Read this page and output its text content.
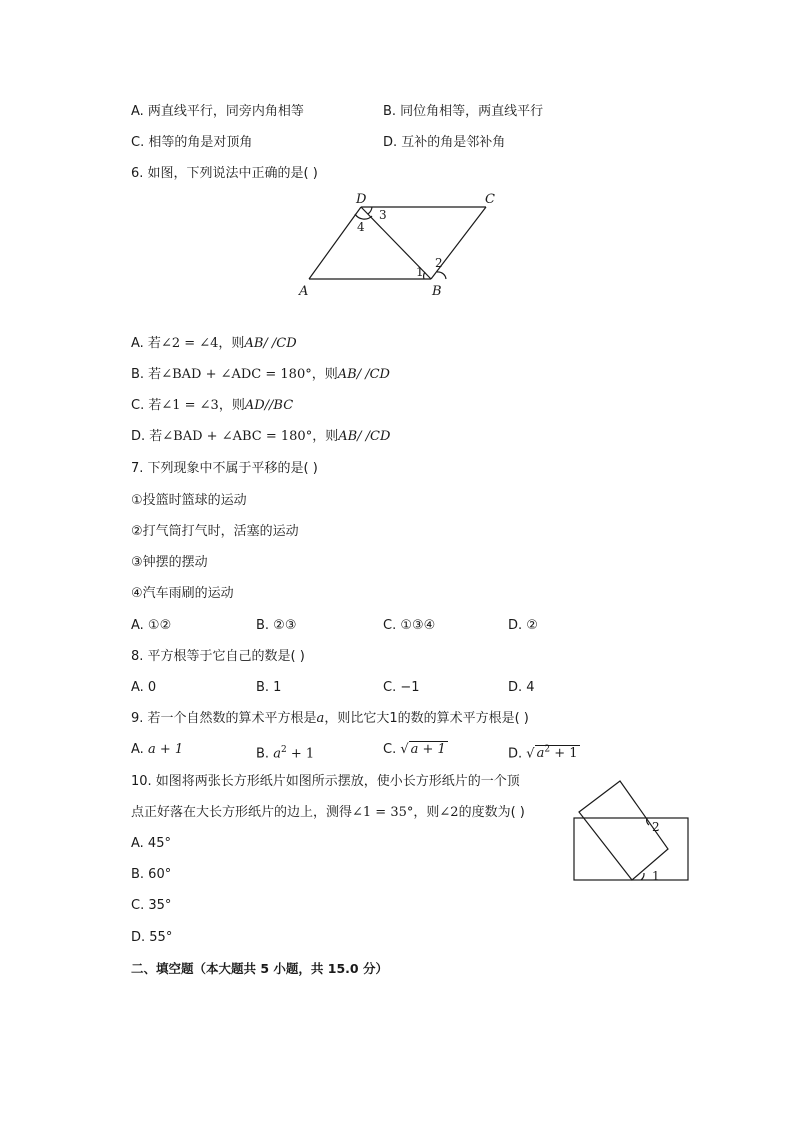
A. 两直线平行，同旁内角相等	B. 同位角相等，两直线平行
C. 相等的角是对顶角	D. 互补的角是邻补角
6. 如图，下列说法中正确的是( )
A	B
C
D
1
2
3
4
A. 若∠2 = ∠4，则AB/ /CD
B. 若∠BAD + ∠ADC = 180°，则AB/ /CD
C. 若∠1 = ∠3，则AD//BC
D. 若∠BAD + ∠ABC = 180°，则AB/ /CD
7. 下列现象中不属于平移的是( )
①投篮时篮球的运动
②打气筒打气时，活塞的运动
③钟摆的摆动
④汽车雨刷的运动
A. ①②	B. ②③	C. ①③④	D. ②
8. 平方根等于它自己的数是( )
A. 0	B. 1	C. −1	D. 4
9. 若一个自然数的算术平方根是a，则比它大1的数的算术平方根是( )
A. a + 1	B. $a^2 + 1$	C. √ a + 1	D. √ $a^2 + 1$
10. 如图将两张长方形纸片如图所示摆放，使小长方形纸片的一个顶
点正好落在大长方形纸片的边上，测得∠1 = 35°，则∠2的度数为( )
1
2
A. 45°
B. 60°
C. 35°
D. 55°
二、填空题（本大题共 5 小题，共 15.0 分）
